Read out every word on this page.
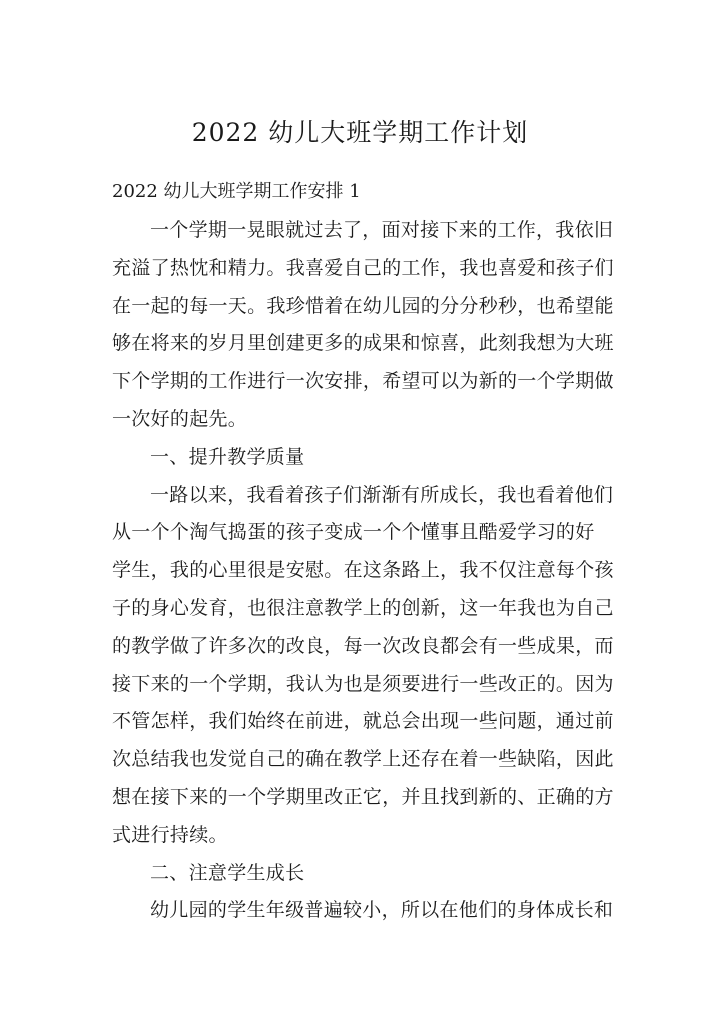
2022 幼儿大班学期工作计划
2022 幼儿大班学期工作安排 1
一个学期一晃眼就过去了，面对接下来的工作，我依旧
充溢了热忱和精力。我喜爱自己的工作，我也喜爱和孩子们
在一起的每一天。我珍惜着在幼儿园的分分秒秒，也希望能
够在将来的岁月里创建更多的成果和惊喜，此刻我想为大班
下个学期的工作进行一次安排，希望可以为新的一个学期做
一次好的起先。
一、提升教学质量
一路以来，我看着孩子们渐渐有所成长，我也看着他们
从一个个淘气捣蛋的孩子变成一个个懂事且酷爱学习的好
学生，我的心里很是安慰。在这条路上，我不仅注意每个孩
子的身心发育，也很注意教学上的创新，这一年我也为自己
的教学做了许多次的改良，每一次改良都会有一些成果，而
接下来的一个学期，我认为也是须要进行一些改正的。因为
不管怎样，我们始终在前进，就总会出现一些问题，通过前
次总结我也发觉自己的确在教学上还存在着一些缺陷，因此
想在接下来的一个学期里改正它，并且找到新的、正确的方
式进行持续。
二、注意学生成长
幼儿园的学生年级普遍较小，所以在他们的身体成长和
